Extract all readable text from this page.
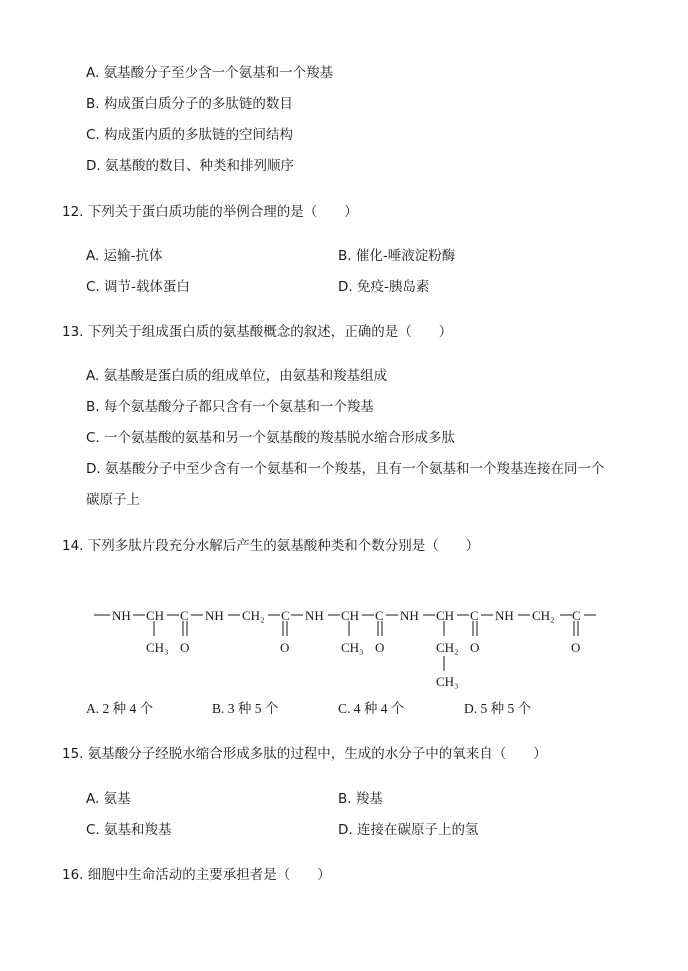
A. 氨基酸分子至少含一个氨基和一个羧基
B. 构成蛋白质分子的多肽链的数目
C. 构成蛋内质的多肽链的空间结构
D. 氨基酸的数目、种类和排列顺序
12. 下列关于蛋白质功能的举例合理的是（　　）
A. 运输-抗体	B. 催化-唾液淀粉酶
C. 调节-载体蛋白	D. 免疫-胰岛素
13. 下列关于组成蛋白质的氨基酸概念的叙述，正确的是（　　）
A. 氨基酸是蛋白质的组成单位，由氨基和羧基组成
B. 每个氨基酸分子都只含有一个氨基和一个羧基
C. 一个氨基酸的氨基和另一个氨基酸的羧基脱水缩合形成多肽
D. 氨基酸分子中至少含有一个氨基和一个羧基，且有一个氨基和一个羧基连接在同一个
碳原子上
14. 下列多肽片段充分水解后产生的氨基酸种类和个数分别是（　　）
NH CH C NH CH₂ C NH CH C NH CH C NH CH₂ C
CH₃	CH₃	CH₂
CH₃
O	O	O	O	O
A. 2 种 4 个	B. 3 种 5 个	C. 4 种 4 个	D. 5 种 5 个
15. 氨基酸分子经脱水缩合形成多肽的过程中，生成的水分子中的氧来自（　　）
A. 氨基	B. 羧基
C. 氨基和羧基	D. 连接在碳原子上的氢
16. 细胞中生命活动的主要承担者是（　　）
